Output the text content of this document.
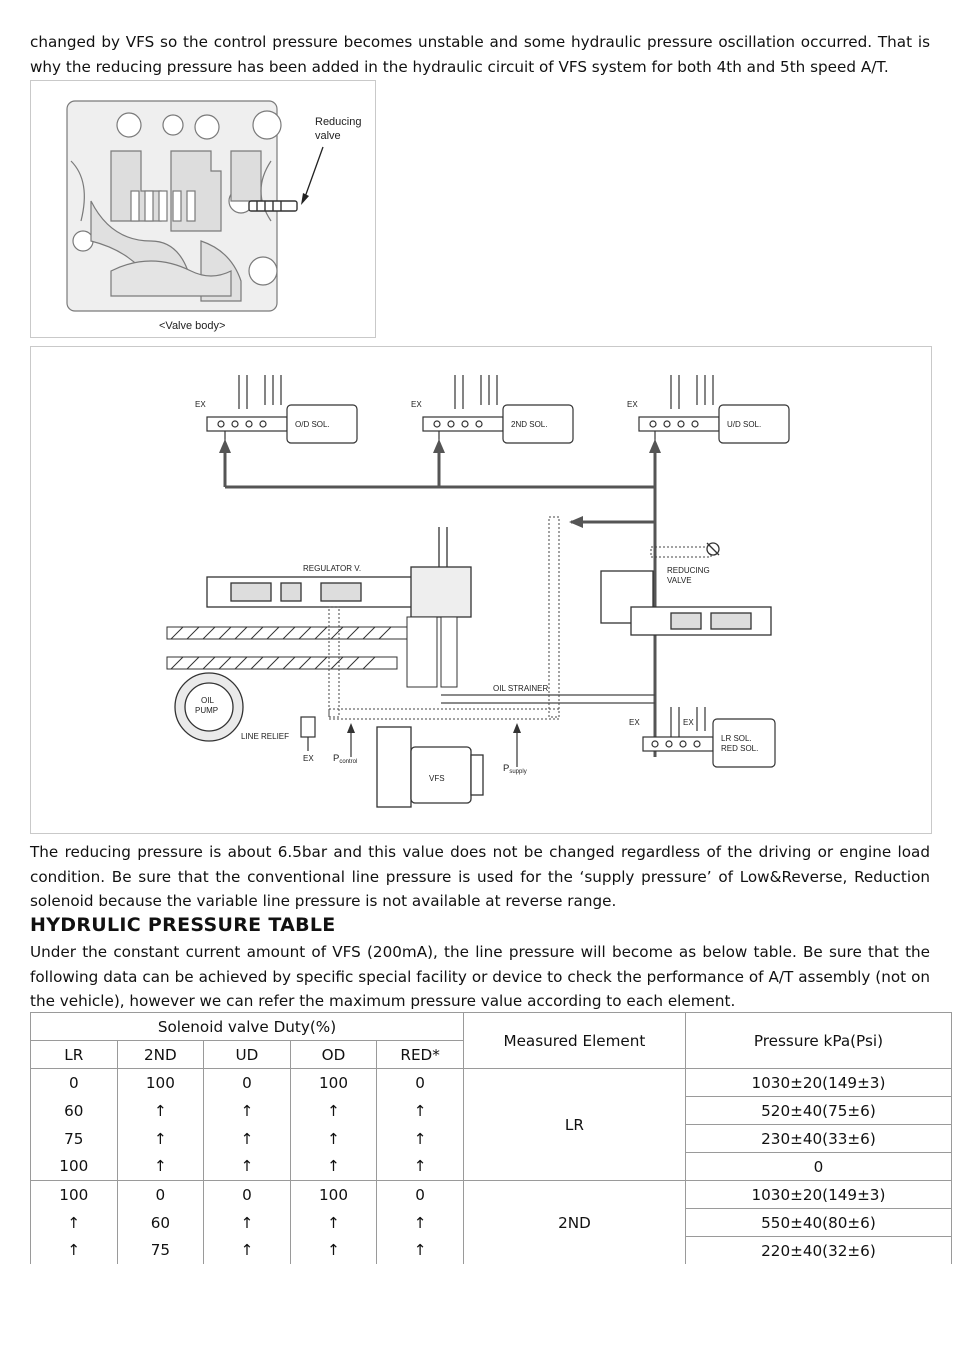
changed by VFS so the control pressure becomes unstable and some hydraulic pressure oscillation occurred. That is why the reducing pressure has been added in the hydraulic circuit of VFS system for both 4th and 5th speed A/T.

Reducing
valve
<Valve body>
EX
O/D SOL.
EX
2ND SOL.
EX
U/D SOL.
REGULATOR V.
OIL STRAINER
REDUCING
VALVE
OIL
PUMP
LINE RELIEF
EX $P_{control}$
VFS
$P_{supply}$
EX	EX
LR SOL.
RED SOL.

The reducing pressure is about 6.5bar and this value does not be changed regardless of the driving or engine load condition. Be sure that the conventional line pressure is used for the ‘supply pressure’ of Low&Reverse, Reduction solenoid because the variable line pressure is not available at reverse range.

HYDRULIC PRESSURE TABLE

Under the constant current amount of VFS (200mA), the line pressure will become as below table. Be sure that the following data can be achieved by specific special facility or device to check the performance of A/T assembly (not on the vehicle), however we can refer the maximum pressure value according to each element.

Solenoid valve Duty(%)					Measured Element	Pressure kPa(Psi)
LR	2ND	UD	OD	RED*		
0	100	0	100	0	LR	1030±20(149±3)
60	↑	↑	↑	↑		520±40(75±6)
75	↑	↑	↑	↑		230±40(33±6)
100	↑	↑	↑	↑		0
100	0	0	100	0	2ND	1030±20(149±3)
↑	60	↑	↑	↑		550±40(80±6)
↑	75	↑	↑	↑		220±40(32±6)
